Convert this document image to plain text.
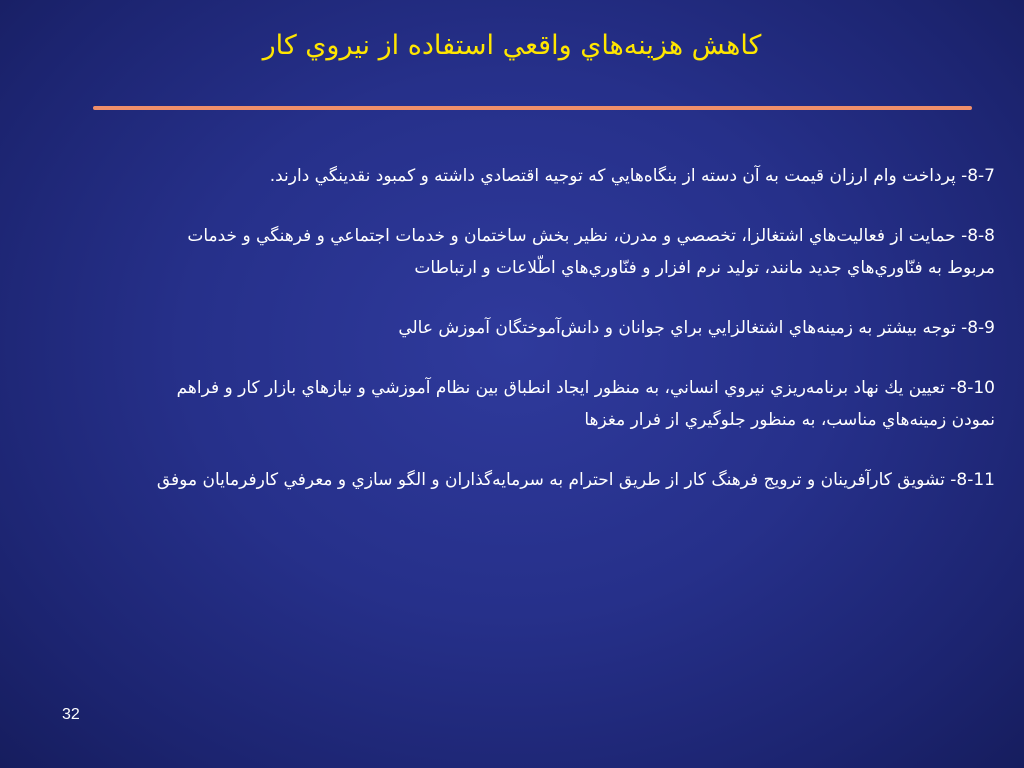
کاهش هزينه‌هاي واقعي استفاده از نيروي کار

8-7- پرداخت وام ارزان قيمت به آن دسته از بنگاه‌هايي كه توجيه اقتصادي داشته و كمبود نقدينگي دارند.

8-8- حمايت از فعاليت‌هاي اشتغالزا، تخصصي و مدرن، نظير بخش ساختمان و خدمات اجتماعي و فرهنگي و خدمات مربوط به فنّاوري‌هاي جديد مانند، توليد نرم افزار و فنّاوري‌هاي اطّلاعات و ارتباطات

8-9- توجه بيشتر به زمينه‌هاي اشتغالزايي براي جوانان و دانش‌آموختگان آموزش عالي

8-10- تعيين يك نهاد برنامه‌ريزي نيروي انساني، به منظور ايجاد انطباق بين نظام آموزشي و نيازهاي بازار كار و فراهم نمودن زمينه‌هاي مناسب، به منظور جلوگيري از فرار مغزها

8-11- تشويق كارآفرينان و ترويج فرهنگ كار از طريق احترام به سرمايه‌گذاران و الگو سازي و معرفي كارفرمايان موفق

32
